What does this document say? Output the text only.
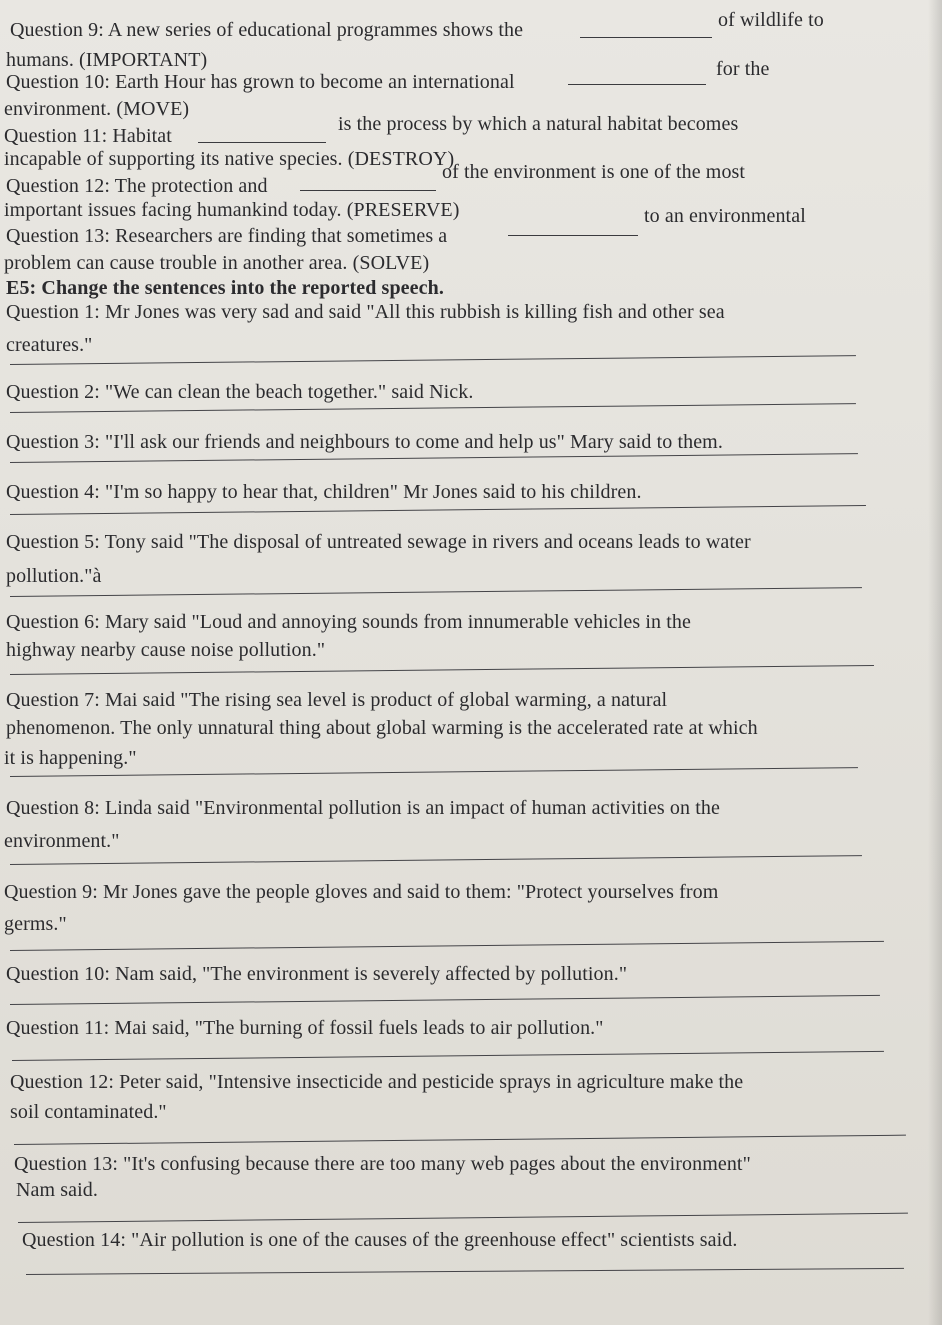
Question 9: A new series of educational programmes shows the	of wildlife to
humans. (IMPORTANT)
Question 10: Earth Hour has grown to become an international
for the
environment. (MOVE)
Question 11: Habitat
is the process by which a natural habitat becomes
incapable of supporting its native species. (DESTROY)
Question 12: The protection and
of the environment is one of the most
important issues facing humankind today. (PRESERVE)
Question 13: Researchers are finding that sometimes a
to an environmental
problem can cause trouble in another area. (SOLVE)
E5: Change the sentences into the reported speech.
Question 1: Mr Jones was very sad and said "All this rubbish is killing fish and other sea
creatures."
Question 2: "We can clean the beach together." said Nick.
Question 3: "I'll ask our friends and neighbours to come and help us" Mary said to them.
Question 4: "I'm so happy to hear that, children" Mr Jones said to his children.
Question 5: Tony said "The disposal of untreated sewage in rivers and oceans leads to water
pollution."à
Question 6: Mary said "Loud and annoying sounds from innumerable vehicles in the
highway nearby cause noise pollution."
Question 7: Mai said "The rising sea level is product of global warming, a natural
phenomenon. The only unnatural thing about global warming is the accelerated rate at which
it is happening."
Question 8: Linda said "Environmental pollution is an impact of human activities on the
environment."
Question 9: Mr Jones gave the people gloves and said to them: "Protect yourselves from
germs."
Question 10: Nam said, "The environment is severely affected by pollution."
Question 11: Mai said, "The burning of fossil fuels leads to air pollution."
Question 12: Peter said, "Intensive insecticide and pesticide sprays in agriculture make the
soil contaminated."
Question 13: "It's confusing because there are too many web pages about the environment"
Nam said.
Question 14: "Air pollution is one of the causes of the greenhouse effect" scientists said.
